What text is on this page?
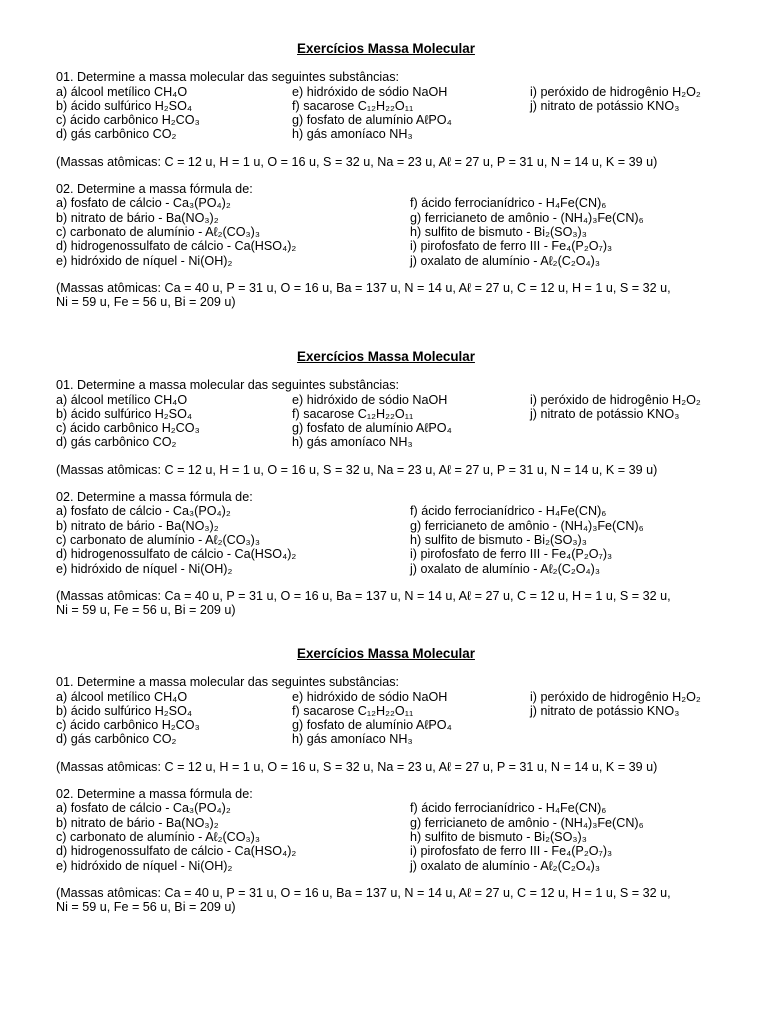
Exercícios Massa Molecular
01. Determine a massa molecular das seguintes substâncias:
a) álcool metílico CH₄O	e) hidróxido de sódio NaOH	i) peróxido de hidrogênio H₂O₂
b) ácido sulfúrico H₂SO₄	f) sacarose C₁₂H₂₂O₁₁	j) nitrato de potássio KNO₃
c) ácido carbônico H₂CO₃	g) fosfato de alumínio AℓPO₄
d) gás carbônico CO₂	h) gás amoníaco NH₃
(Massas atômicas: C = 12 u, H = 1 u, O = 16 u, S = 32 u, Na = 23 u, Aℓ = 27 u, P = 31 u, N = 14 u, K = 39 u)
02. Determine a massa fórmula de:
a) fosfato de cálcio - Ca₃(PO₄)₂	f) ácido ferrocianídrico - H₄Fe(CN)₆
b) nitrato de bário - Ba(NO₃)₂	g) ferricianeto de amônio - (NH₄)₃Fe(CN)₆
c) carbonato de alumínio - Aℓ₂(CO₃)₃	h) sulfito de bismuto - Bi₂(SO₃)₃
d) hidrogenossulfato de cálcio - Ca(HSO₄)₂	i) pirofosfato de ferro III - Fe₄(P₂O₇)₃
e) hidróxido de níquel - Ni(OH)₂	j) oxalato de alumínio - Aℓ₂(C₂O₄)₃
(Massas atômicas: Ca = 40 u, P = 31 u, O = 16 u, Ba = 137 u, N = 14 u, Aℓ = 27 u, C = 12 u, H = 1 u, S = 32 u,
Ni = 59 u, Fe = 56 u, Bi = 209 u)
Exercícios Massa Molecular
01. Determine a massa molecular das seguintes substâncias:
a) álcool metílico CH₄O	e) hidróxido de sódio NaOH	i) peróxido de hidrogênio H₂O₂
b) ácido sulfúrico H₂SO₄	f) sacarose C₁₂H₂₂O₁₁	j) nitrato de potássio KNO₃
c) ácido carbônico H₂CO₃	g) fosfato de alumínio AℓPO₄
d) gás carbônico CO₂	h) gás amoníaco NH₃
(Massas atômicas: C = 12 u, H = 1 u, O = 16 u, S = 32 u, Na = 23 u, Aℓ = 27 u, P = 31 u, N = 14 u, K = 39 u)
02. Determine a massa fórmula de:
a) fosfato de cálcio - Ca₃(PO₄)₂	f) ácido ferrocianídrico - H₄Fe(CN)₆
b) nitrato de bário - Ba(NO₃)₂	g) ferricianeto de amônio - (NH₄)₃Fe(CN)₆
c) carbonato de alumínio - Aℓ₂(CO₃)₃	h) sulfito de bismuto - Bi₂(SO₃)₃
d) hidrogenossulfato de cálcio - Ca(HSO₄)₂	i) pirofosfato de ferro III - Fe₄(P₂O₇)₃
e) hidróxido de níquel - Ni(OH)₂	j) oxalato de alumínio - Aℓ₂(C₂O₄)₃
(Massas atômicas: Ca = 40 u, P = 31 u, O = 16 u, Ba = 137 u, N = 14 u, Aℓ = 27 u, C = 12 u, H = 1 u, S = 32 u,
Ni = 59 u, Fe = 56 u, Bi = 209 u)
Exercícios Massa Molecular
01. Determine a massa molecular das seguintes substâncias:
a) álcool metílico CH₄O	e) hidróxido de sódio NaOH	i) peróxido de hidrogênio H₂O₂
b) ácido sulfúrico H₂SO₄	f) sacarose C₁₂H₂₂O₁₁	j) nitrato de potássio KNO₃
c) ácido carbônico H₂CO₃	g) fosfato de alumínio AℓPO₄
d) gás carbônico CO₂	h) gás amoníaco NH₃
(Massas atômicas: C = 12 u, H = 1 u, O = 16 u, S = 32 u, Na = 23 u, Aℓ = 27 u, P = 31 u, N = 14 u, K = 39 u)
02. Determine a massa fórmula de:
a) fosfato de cálcio - Ca₃(PO₄)₂	f) ácido ferrocianídrico - H₄Fe(CN)₆
b) nitrato de bário - Ba(NO₃)₂	g) ferricianeto de amônio - (NH₄)₃Fe(CN)₆
c) carbonato de alumínio - Aℓ₂(CO₃)₃	h) sulfito de bismuto - Bi₂(SO₃)₃
d) hidrogenossulfato de cálcio - Ca(HSO₄)₂	i) pirofosfato de ferro III - Fe₄(P₂O₇)₃
e) hidróxido de níquel - Ni(OH)₂	j) oxalato de alumínio - Aℓ₂(C₂O₄)₃
(Massas atômicas: Ca = 40 u, P = 31 u, O = 16 u, Ba = 137 u, N = 14 u, Aℓ = 27 u, C = 12 u, H = 1 u, S = 32 u,
Ni = 59 u, Fe = 56 u, Bi = 209 u)
